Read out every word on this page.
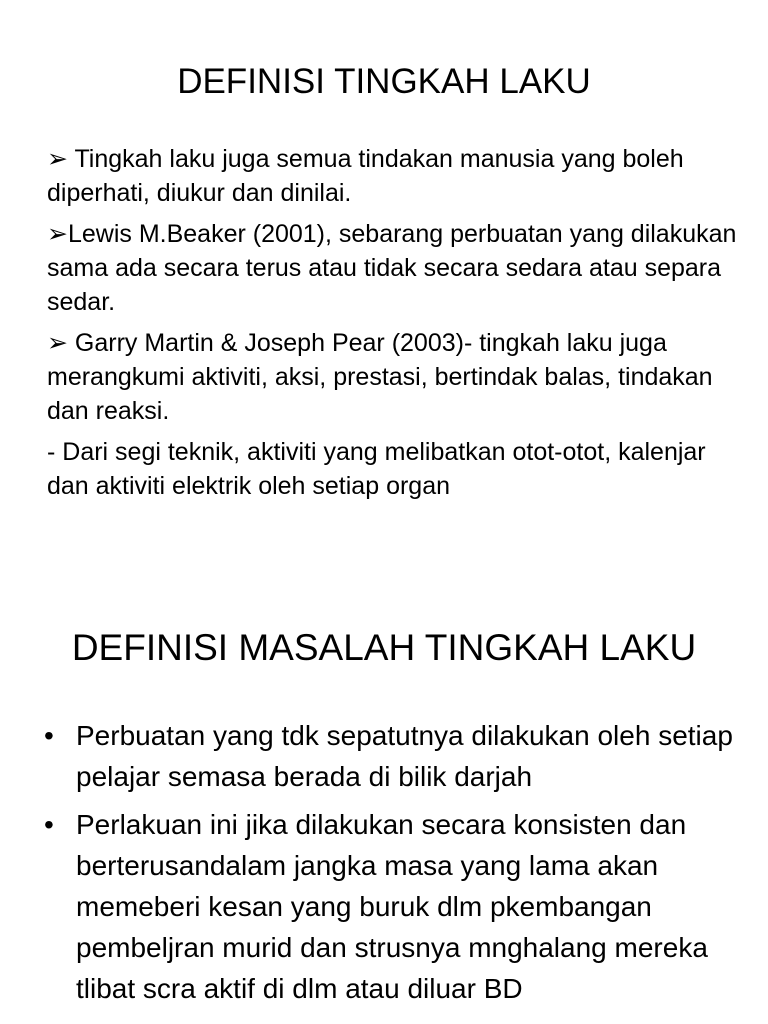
DEFINISI TINGKAH LAKU

➢ Tingkah laku juga semua tindakan manusia yang boleh diperhati, diukur dan dinilai.

➢Lewis M.Beaker (2001), sebarang perbuatan yang dilakukan sama ada secara terus atau tidak secara sedara atau separa sedar.

➢ Garry Martin & Joseph Pear (2003)- tingkah laku juga merangkumi aktiviti, aksi, prestasi, bertindak balas, tindakan dan reaksi.

- Dari segi teknik, aktiviti yang melibatkan otot-otot, kalenjar dan aktiviti elektrik oleh setiap organ

DEFINISI MASALAH TINGKAH LAKU
• Perbuatan yang tdk sepatutnya dilakukan oleh setiap pelajar semasa berada di bilik darjah
• Perlakuan ini jika dilakukan secara konsisten dan berterusandalam jangka masa yang lama akan memeberi kesan yang buruk dlm pkembangan pembeljran murid dan strusnya mnghalang mereka tlibat scra aktif di dlm atau diluar BD
